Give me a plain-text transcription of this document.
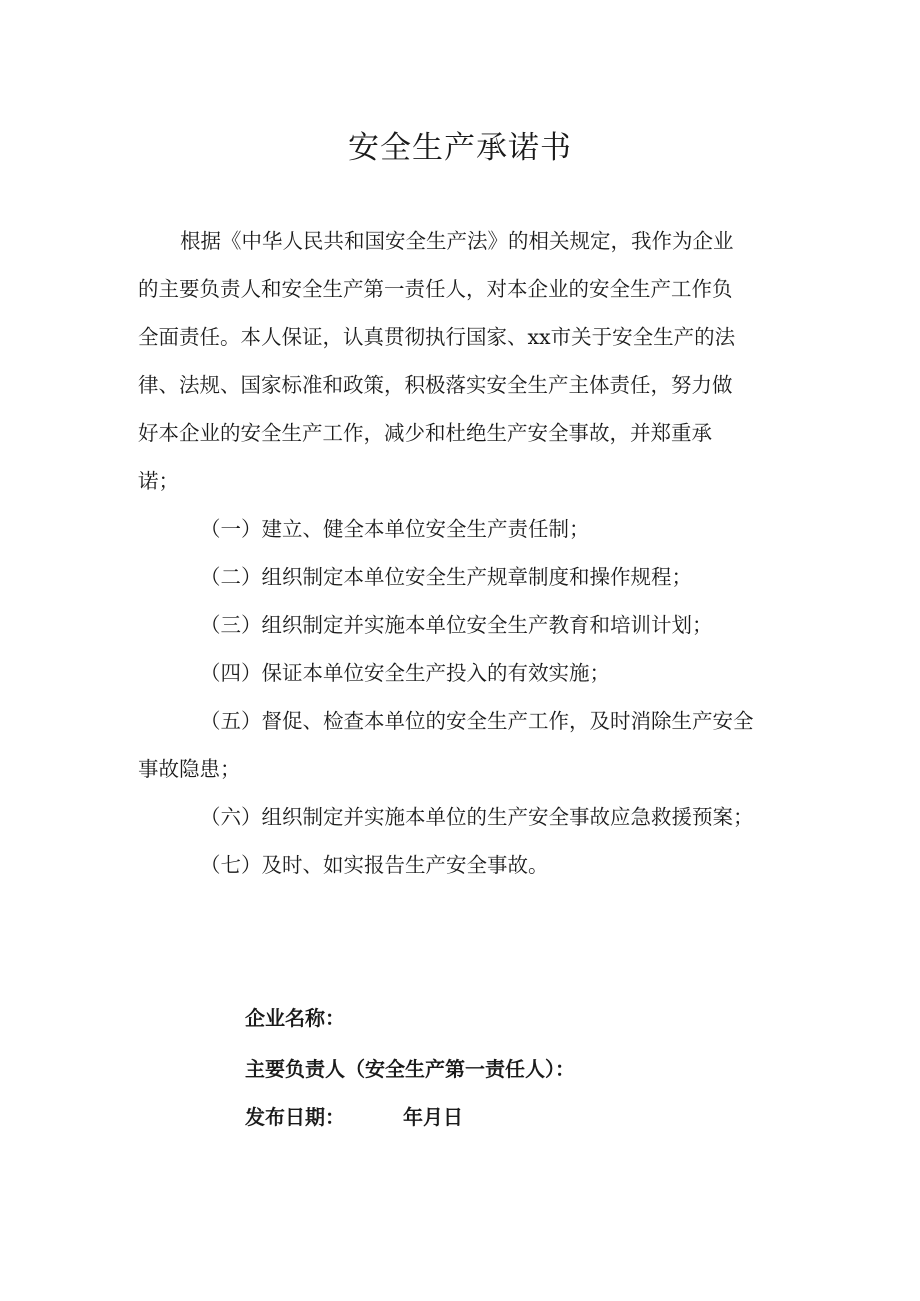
安全生产承诺书

根据《中华人民共和国安全生产法》的相关规定，我作为企业

的主要负责人和安全生产第一责任人，对本企业的安全生产工作负

全面责任。本人保证，认真贯彻执行国家、xx市关于安全生产的法

律、法规、国家标准和政策，积极落实安全生产主体责任，努力做

好本企业的安全生产工作，减少和杜绝生产安全事故，并郑重承

诺；

（一）建立、健全本单位安全生产责任制；

（二）组织制定本单位安全生产规章制度和操作规程；

（三）组织制定并实施本单位安全生产教育和培训计划；

（四）保证本单位安全生产投入的有效实施；

（五）督促、检查本单位的安全生产工作，及时消除生产安全

事故隐患；

（六）组织制定并实施本单位的生产安全事故应急救援预案；

（七）及时、如实报告生产安全事故。

企业名称：

主要负责人（安全生产第一责任人）：

发布日期：	年月日
